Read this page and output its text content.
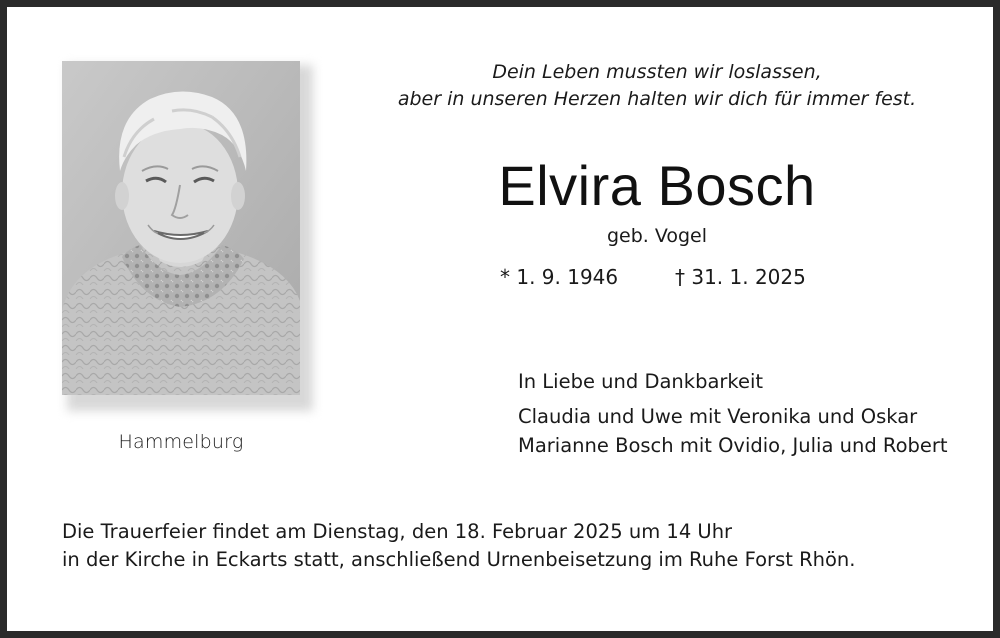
Hammelburg
Dein Leben mussten wir loslassen,
aber in unseren Herzen halten wir dich für immer fest.
Elvira Bosch
geb. Vogel
* 1. 9. 1946	† 31. 1. 2025
In Liebe und Dankbarkeit
Claudia und Uwe mit Veronika und Oskar
Marianne Bosch mit Ovidio, Julia und Robert
Die Trauerfeier findet am Dienstag, den 18. Februar 2025 um 14 Uhr
in der Kirche in Eckarts statt, anschließend Urnenbeisetzung im Ruhe Forst Rhön.
